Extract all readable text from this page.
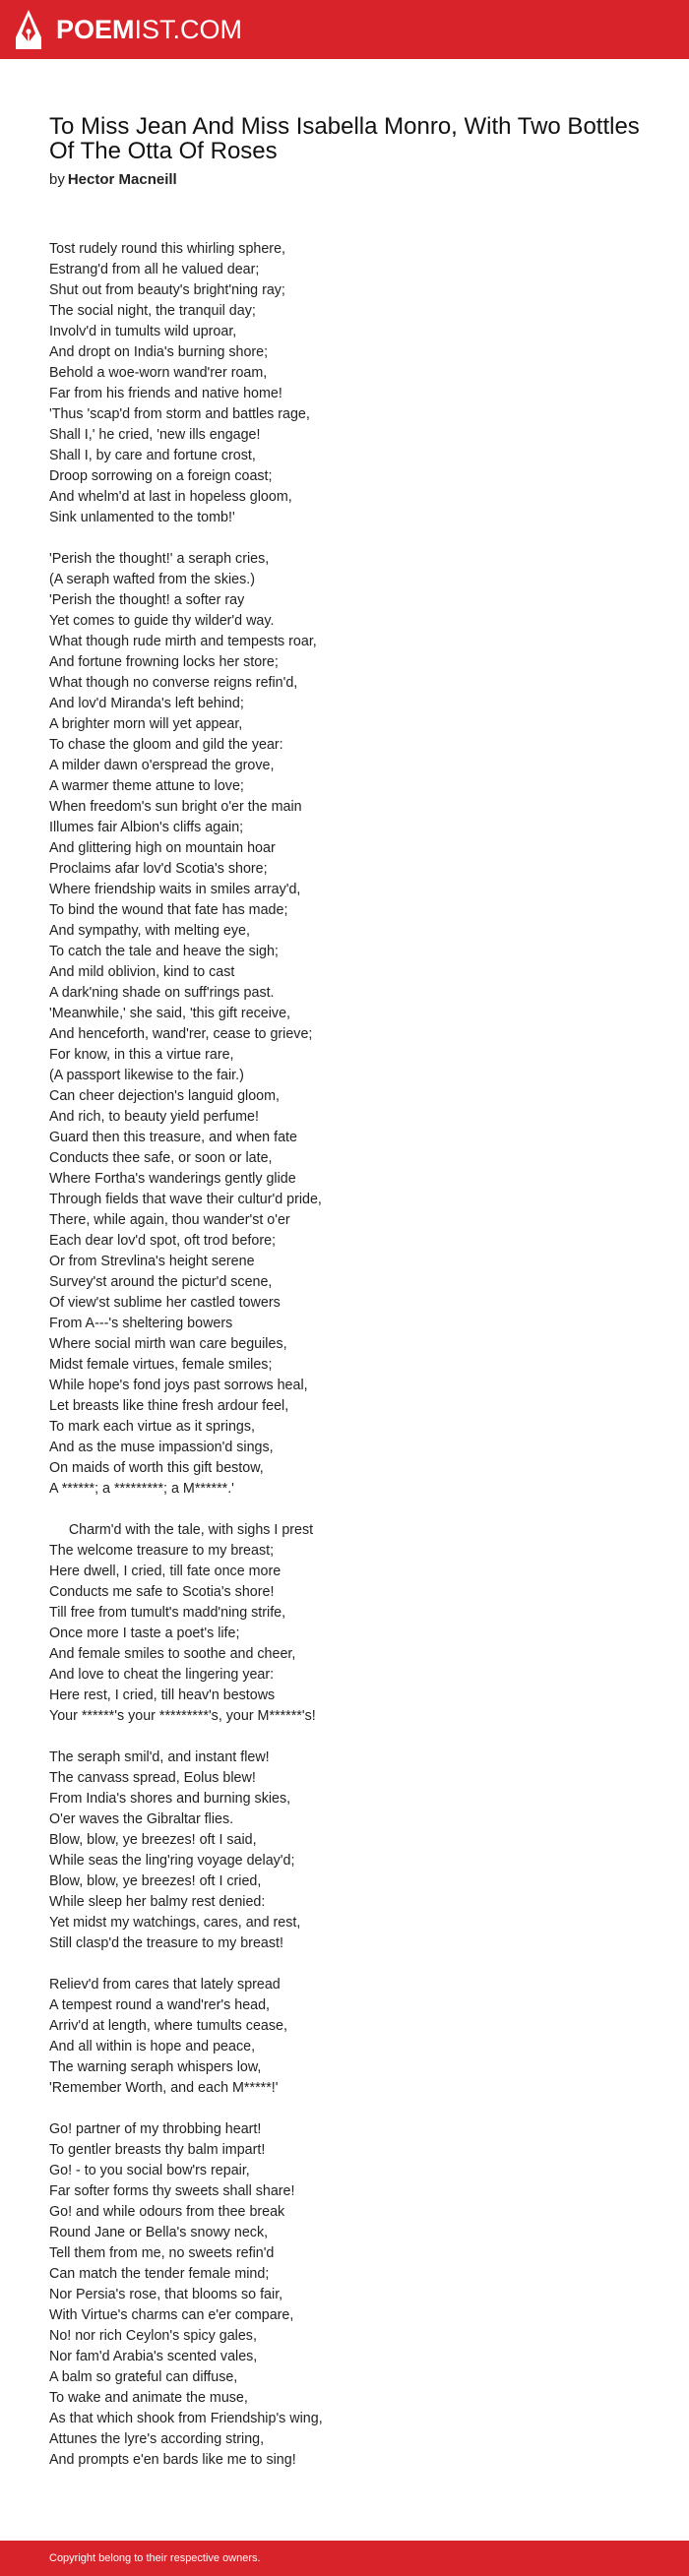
POEMIST.COM
To Miss Jean And Miss Isabella Monro, With Two Bottles Of The Otta Of Roses
by Hector Macneill
Tost rudely round this whirling sphere,
Estrang'd from all he valued dear;
Shut out from beauty's bright'ning ray;
The social night, the tranquil day;
Involv'd in tumults wild uproar,
And dropt on India's burning shore;
Behold a woe-worn wand'rer roam,
Far from his friends and native home!
'Thus 'scap'd from storm and battles rage,
Shall I,' he cried, 'new ills engage!
Shall I, by care and fortune crost,
Droop sorrowing on a foreign coast;
And whelm'd at last in hopeless gloom,
Sink unlamented to the tomb!'
'Perish the thought!' a seraph cries,
(A seraph wafted from the skies.)
'Perish the thought! a softer ray
Yet comes to guide thy wilder'd way.
What though rude mirth and tempests roar,
And fortune frowning locks her store;
What though no converse reigns refin'd,
And lov'd Miranda's left behind;
A brighter morn will yet appear,
To chase the gloom and gild the year:
A milder dawn o'erspread the grove,
A warmer theme attune to love;
When freedom's sun bright o'er the main
Illumes fair Albion's cliffs again;
And glittering high on mountain hoar
Proclaims afar lov'd Scotia's shore;
Where friendship waits in smiles array'd,
To bind the wound that fate has made;
And sympathy, with melting eye,
To catch the tale and heave the sigh;
And mild oblivion, kind to cast
A dark'ning shade on suff'rings past.
'Meanwhile,' she said, 'this gift receive,
And henceforth, wand'rer, cease to grieve;
For know, in this a virtue rare,
(A passport likewise to the fair.)
Can cheer dejection's languid gloom,
And rich, to beauty yield perfume!
Guard then this treasure, and when fate
Conducts thee safe, or soon or late,
Where Fortha's wanderings gently glide
Through fields that wave their cultur'd pride,
There, while again, thou wander'st o'er
Each dear lov'd spot, oft trod before;
Or from Strevlina's height serene
Survey'st around the pictur'd scene,
Of view'st sublime her castled towers
From A---'s sheltering bowers
Where social mirth wan care beguiles,
Midst female virtues, female smiles;
While hope's fond joys past sorrows heal,
Let breasts like thine fresh ardour feel,
To mark each virtue as it springs,
And as the muse impassion'd sings,
On maids of worth this gift bestow,
A ******; a *********; a M******.'
Charm'd with the tale, with sighs I prest
The welcome treasure to my breast;
Here dwell, I cried, till fate once more
Conducts me safe to Scotia's shore!
Till free from tumult's madd'ning strife,
Once more I taste a poet's life;
And female smiles to soothe and cheer,
And love to cheat the lingering year:
Here rest, I cried, till heav'n bestows
Your ******'s your *********'s, your M******'s!
The seraph smil'd, and instant flew!
The canvass spread, Eolus blew!
From India's shores and burning skies,
O'er waves the Gibraltar flies.
Blow, blow, ye breezes! oft I said,
While seas the ling'ring voyage delay'd;
Blow, blow, ye breezes! oft I cried,
While sleep her balmy rest denied:
Yet midst my watchings, cares, and rest,
Still clasp'd the treasure to my breast!
Reliev'd from cares that lately spread
A tempest round a wand'rer's head,
Arriv'd at length, where tumults cease,
And all within is hope and peace,
The warning seraph whispers low,
'Remember Worth, and each M*****!'
Go! partner of my throbbing heart!
To gentler breasts thy balm impart!
Go! - to you social bow'rs repair,
Far softer forms thy sweets shall share!
Go! and while odours from thee break
Round Jane or Bella's snowy neck,
Tell them from me, no sweets refin'd
Can match the tender female mind;
Nor Persia's rose, that blooms so fair,
With Virtue's charms can e'er compare,
No! nor rich Ceylon's spicy gales,
Nor fam'd Arabia's scented vales,
A balm so grateful can diffuse,
To wake and animate the muse,
As that which shook from Friendship's wing,
Attunes the lyre's according string,
And prompts e'en bards like me to sing!
Copyright belong to their respective owners.
